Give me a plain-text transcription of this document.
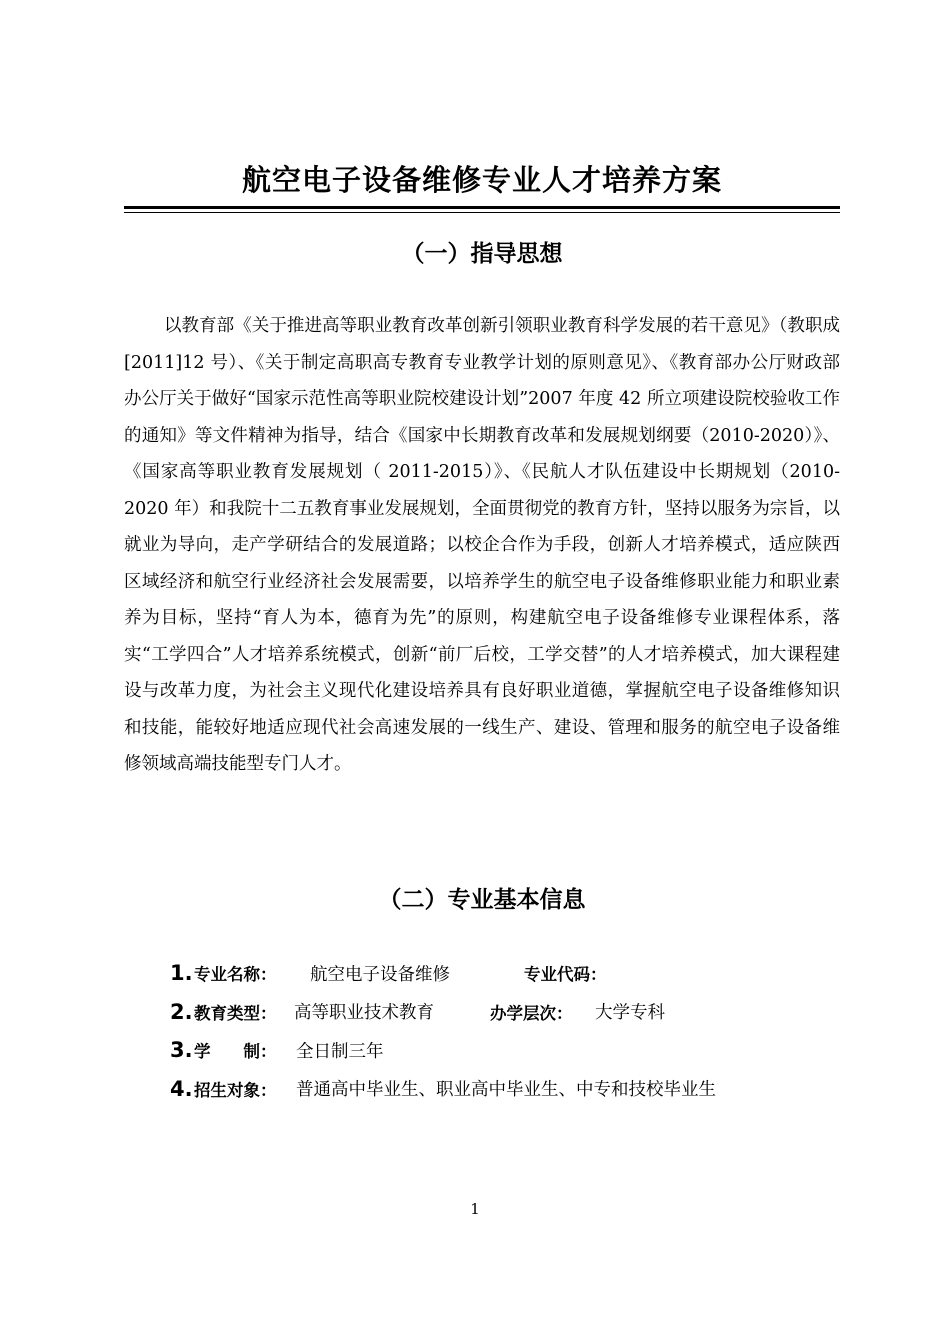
航空电子设备维修专业人才培养方案
（一）指导思想

以教育部《关于推进高等职业教育改革创新引领职业教育科学发展的若干意见》（教职成[2011]12 号）、《关于制定高职高专教育专业教学计划的原则意见》、《教育部办公厅财政部办公厅关于做好“国家示范性高等职业院校建设计划”2007 年度 42 所立项建设院校验收工作的通知》等文件精神为指导，结合《国家中长期教育改革和发展规划纲要（2010-2020）》、《国家高等职业教育发展规划（ 2011-2015）》、《民航人才队伍建设中长期规划（2010-2020 年）和我院十二五教育事业发展规划，全面贯彻党的教育方针，坚持以服务为宗旨，以就业为导向，走产学研结合的发展道路；以校企合作为手段，创新人才培养模式，适应陕西区域经济和航空行业经济社会发展需要，以培养学生的航空电子设备维修职业能力和职业素养为目标，坚持“育人为本，德育为先”的原则，构建航空电子设备维修专业课程体系，落实“工学四合”人才培养系统模式，创新“前厂后校，工学交替”的人才培养模式，加大课程建设与改革力度，为社会主义现代化建设培养具有良好职业道德，掌握航空电子设备维修知识和技能，能较好地适应现代社会高速发展的一线生产、建设、管理和服务的航空电子设备维修领域高端技能型专门人才。

（二）专业基本信息
1. 专业名称：	航空电子设备维修	专业代码：
2. 教育类型：	高等职业技术教育	办学层次：	大学专科
3. 学　　制：	全日制三年
4. 招生对象：	普通高中毕业生、职业高中毕业生、中专和技校毕业生
1
